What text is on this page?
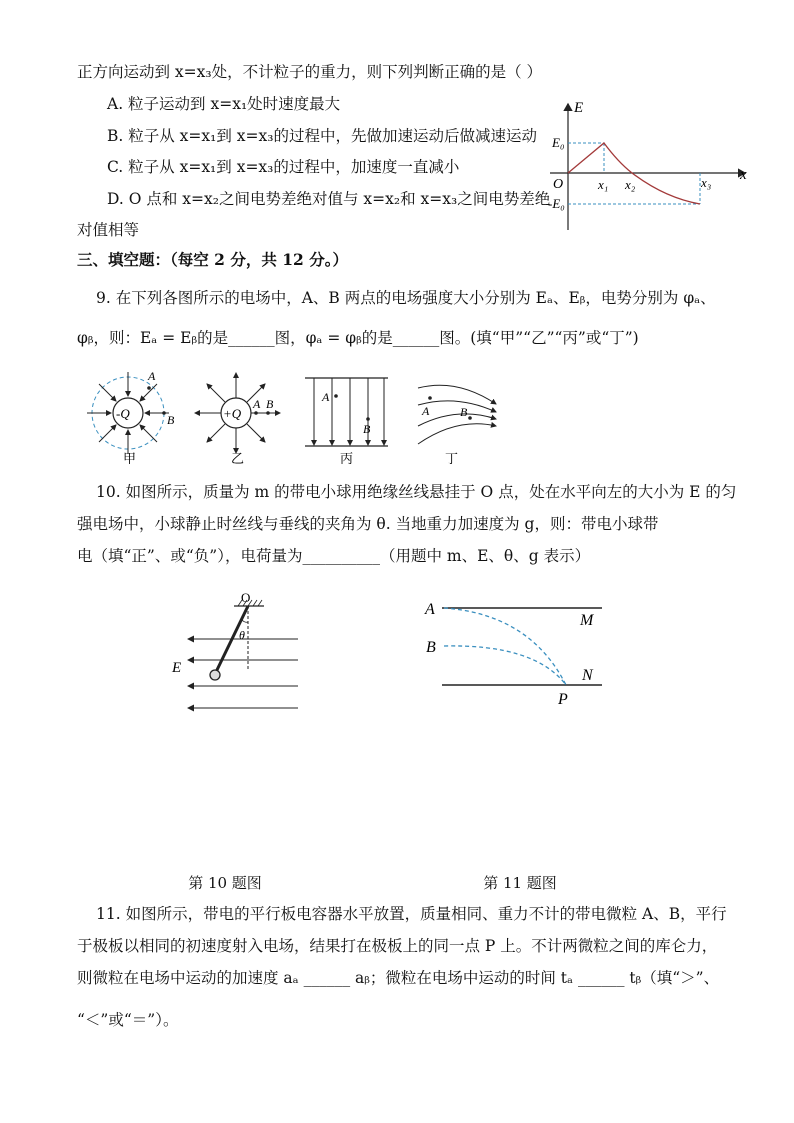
正方向运动到 x=x₃处，不计粒子的重力，则下列判断正确的是（ ）
A. 粒子运动到 x=x₁处时速度最大
B. 粒子从 x=x₁到 x=x₃的过程中，先做加速运动后做减速运动
C. 粒子从 x=x₁到 x=x₃的过程中，加速度一直减小
D. O 点和 x=x₂之间电势差绝对值与 x=x₂和 x=x₃之间电势差绝
对值相等
E
x
E₀
-E₀
O	x₁ x₂	x₃
三、填空题：（每空 2 分，共 12 分。）
9. 在下列各图所示的电场中，A、B 两点的电场强度大小分别为 Eₐ、Eᵦ，电势分别为 φₐ、
φᵦ，则：Eₐ = Eᵦ的是______图，φₐ = φᵦ的是______图。(填“甲”“乙”“丙”或“丁”)
-Q
A
B
甲
+Q
A B
乙
A
B
丙
A	B
丁
10. 如图所示，质量为 m 的带电小球用绝缘丝线悬挂于 O 点，处在水平向左的大小为 E 的匀
强电场中，小球静止时丝线与垂线的夹角为 θ. 当地重力加速度为 g，则：带电小球带
电（填“正”、或“负”），电荷量为__________（用题中 m、E、θ、g 表示）
O
θ
E
A
B
M
N
P
第 10 题图	第 11 题图
11. 如图所示，带电的平行板电容器水平放置，质量相同、重力不计的带电微粒 A、B，平行
于极板以相同的初速度射入电场，结果打在极板上的同一点 P 上。不计两微粒之间的库仑力，
则微粒在电场中运动的加速度 aₐ ______ aᵦ；微粒在电场中运动的时间 tₐ ______ tᵦ（填“＞”、
“＜”或“＝”）。
